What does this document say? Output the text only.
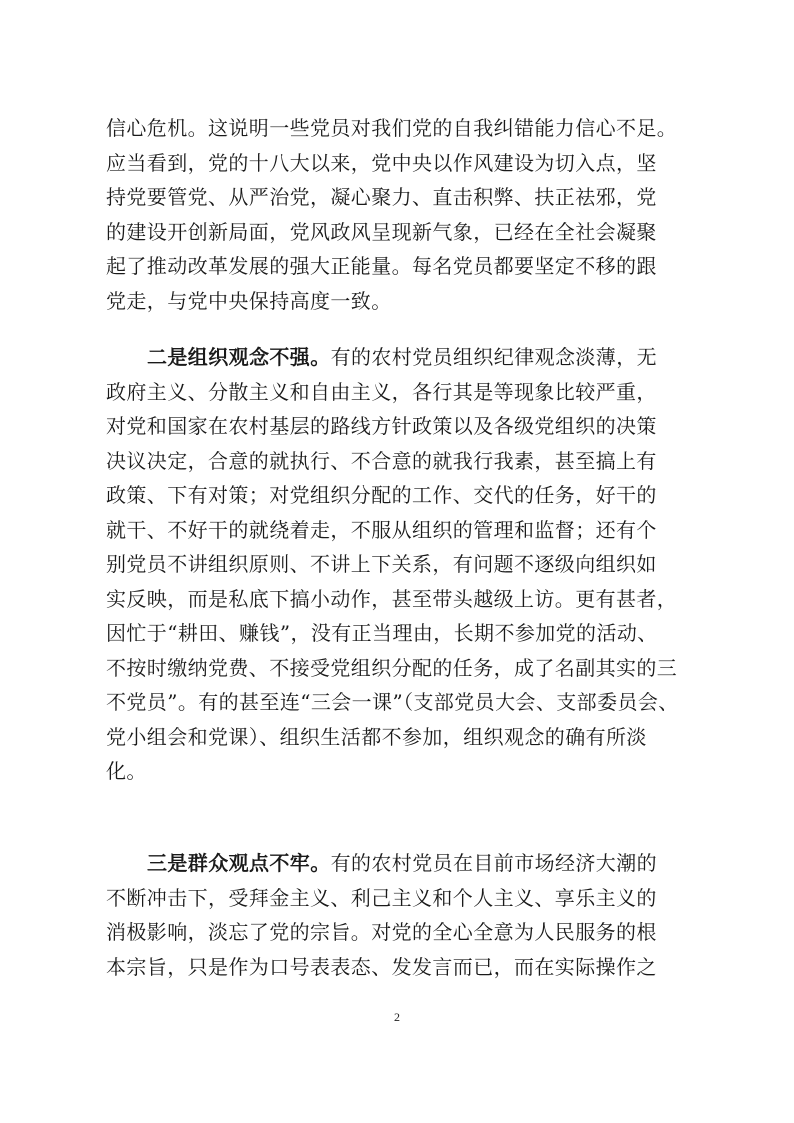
信心危机。这说明一些党员对我们党的自我纠错能力信心不足。
应当看到，党的十八大以来，党中央以作风建设为切入点，坚
持党要管党、从严治党，凝心聚力、直击积弊、扶正祛邪，党
的建设开创新局面，党风政风呈现新气象，已经在全社会凝聚
起了推动改革发展的强大正能量。每名党员都要坚定不移的跟
党走，与党中央保持高度一致。
二是组织观念不强。有的农村党员组织纪律观念淡薄，无
政府主义、分散主义和自由主义，各行其是等现象比较严重，
对党和国家在农村基层的路线方针政策以及各级党组织的决策
决议决定，合意的就执行、不合意的就我行我素，甚至搞上有
政策、下有对策；对党组织分配的工作、交代的任务，好干的
就干、不好干的就绕着走，不服从组织的管理和监督；还有个
别党员不讲组织原则、不讲上下关系，有问题不逐级向组织如
实反映，而是私底下搞小动作，甚至带头越级上访。更有甚者，
因忙于“耕田、赚钱”，没有正当理由，长期不参加党的活动、
不按时缴纳党费、不接受党组织分配的任务，成了名副其实的三
不党员”。有的甚至连“三会一课”（支部党员大会、支部委员会、
党小组会和党课）、组织生活都不参加，组织观念的确有所淡
化。
三是群众观点不牢。有的农村党员在目前市场经济大潮的
不断冲击下，受拜金主义、利己主义和个人主义、享乐主义的
消极影响，淡忘了党的宗旨。对党的全心全意为人民服务的根
本宗旨，只是作为口号表表态、发发言而已，而在实际操作之
2
